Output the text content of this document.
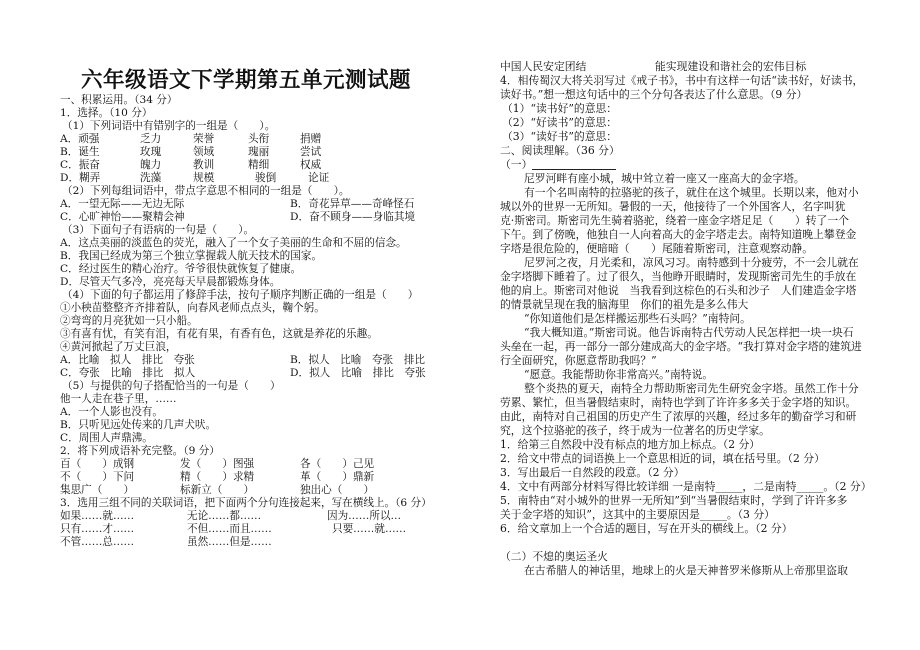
六年级语文下学期第五单元测试题
一、积累运用。（34 分）
1．选择。（10 分）
（1）下列词语中有错别字的一组是（　　）。
A．顽强	乏力	荣誉	头衔	捐赠
B．诞生	玫瑰	领域	瑰丽	尝试
C．振奋	魄力	教训	精细	权威
D．糊弄	洗藻	规模	骏倒	论证
（2）下列每组词语中，带点字意思不相同的一组是（　　）。
A．一望无际——无边无际	B．奇花异草——奇峰怪石
C．心旷神怡——聚精会神	D．奋不顾身——身临其境
（3）下面句子有语病的一句是（　　）。
A．这点美丽的淡蓝色的荧光，融入了一个女子美丽的生命和不屈的信念。
B．我国已经成为第三个独立掌握载人航天技术的国家。
C．经过医生的精心治疗。爷爷很快就恢复了健康。
D．尽管天气多冷，亮亮每天早晨都锻炼身体。
（4）下面的句子都运用了修辞手法，按句子顺序判断正确的一组是（　　）
①小秧苗整整齐齐排着队，向春风老师点点头，鞠个躬。
②弯弯的月亮犹如一只小船。
③有喜有忧，有笑有泪，有花有果，有香有色，这就是养花的乐趣。
④黄河掀起了万丈巨浪，
A．比喻　拟人　排比　夸张	B．拟人　比喻　夸张　排比
C．夸张　比喻　排比　拟人	D．拟人　比喻　排比　夸张
（5）与提供的句子搭配恰当的一句是（　　）
他一人走在巷子里，……
A．一个人影也没有。
B．只听见远处传来的几声犬吠。
C．周围人声鼎沸。
2．将下列成语补充完整。（9 分）
百（　　）成钢	发（　　）图强	各（　　）己见
不（　　）下问	精（　　）求精	革（　　）鼎新
集思广（　　）	标新立（　　）	独出心（　　）
3．选用三组不同的关联词语，把下面两个分句连接起来，写在横线上。（6 分）
如果……就……	无论……都……	因为……所以…
只有……才……	不但……而且……	只要……就……
不管……总……	虽然……但是……
中国人民安定团结	能实现建设和谐社会的宏伟目标
4．相传蜀汉大将关羽写过《戒子书》，书中有这样一句话“读书好，好读书，
读好书。”想一想这句话中的三个分句各表达了什么意思。（9 分）
（1）“读书好”的意思：
（2）“好读书”的意思：
（3）“读好书”的意思：
二、阅读理解。（36 分）
（一）
尼罗河畔有座小城，城中耸立着一座又一座高大的金字塔。
有一个名叫南特的拉骆驼的孩子，就住在这个城里。长期以来，他对小
城以外的世界一无所知。暑假的一天，他接待了一个外国客人，名字叫犹
克·斯密司。斯密司先生骑着骆驼，绕着一座金字塔足足（　　）转了一个
下午。到了傍晚，他独自一人向着高大的金字塔走去。南特知道晚上攀登金
字塔是很危险的，便暗暗（　　）尾随着斯密司，注意观察动静。
尼罗河之夜，月光柔和，凉风习习。南特感到十分疲劳，不一会儿就在
金字塔脚下睡着了。过了很久，当他睁开眼睛时，发现斯密司先生的手放在
他的肩上。斯密司对他说　当我看到这棕色的石头和沙子　人们建造金字塔
的情景就呈现在我的脑海里　你们的祖先是多么伟大
“你知道他们是怎样搬运那些石头吗？”南特问。
“我大概知道。”斯密司说。他告诉南特古代劳动人民怎样把一块一块石
头垒在一起，再一部分一部分建成高大的金字塔。“我打算对金字塔的建筑进
行全面研究，你愿意帮助我吗？”
“愿意。我能帮助你非常高兴。”南特说。
整个炎热的夏天，南特全力帮助斯密司先生研究金字塔。虽然工作十分
劳累、繁忙，但当暑假结束时，南特也学到了许许多多关于金字塔的知识。
由此，南特对自己祖国的历史产生了浓厚的兴趣，经过多年的勤奋学习和研
究，这个拉骆驼的孩子，终于成为一位著名的历史学家。
1．给第三自然段中没有标点的地方加上标点。（2 分）
2．给文中带点的词语换上一个意思相近的词，填在括号里。（2 分）
3．写出最后一自然段的段意。（2 分）
4．文中有两部分材料写得比较详细 一是南特_____，二是南特_____。（2 分）
5．南特由“对小城外的世界一无所知”到“当暑假结束时，学到了许许多多
关于金字塔的知识”，这其中的主要原因是_____。（3 分）
6．给文章加上一个合适的题目，写在开头的横线上。（2 分）
（二）不熄的奥运圣火
在古希腊人的神话里，地球上的火是天神普罗米修斯从上帝那里盗取
